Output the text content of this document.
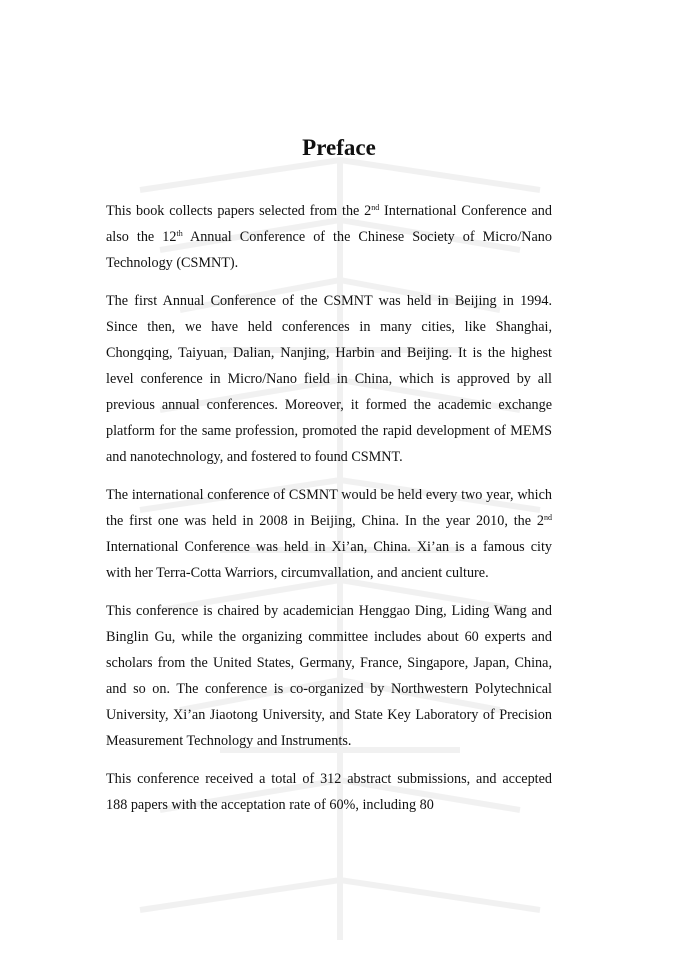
Preface

This book collects papers selected from the 2nd International Conference and also the 12th Annual Conference of the Chinese Society of Micro/Nano Technology (CSMNT).

The first Annual Conference of the CSMNT was held in Beijing in 1994. Since then, we have held conferences in many cities, like Shanghai, Chongqing, Taiyuan, Dalian, Nanjing, Harbin and Beijing. It is the highest level conference in Micro/Nano field in China, which is approved by all previous annual conferences. Moreover, it formed the academic exchange platform for the same profession, promoted the rapid development of MEMS and nanotechnology, and fostered to found CSMNT.

The international conference of CSMNT would be held every two year, which the first one was held in 2008 in Beijing, China. In the year 2010, the 2nd International Conference was held in Xi’an, China. Xi’an is a famous city with her Terra-Cotta Warriors, circumvallation, and ancient culture.

This conference is chaired by academician Henggao Ding, Liding Wang and Binglin Gu, while the organizing committee includes about 60 experts and scholars from the United States, Germany, France, Singapore, Japan, China, and so on. The conference is co-organized by Northwestern Polytechnical University, Xi’an Jiaotong University, and State Key Laboratory of Precision Measurement Technology and Instruments.

This conference received a total of 312 abstract submissions, and accepted 188 papers with the acceptation rate of 60%, including 80
